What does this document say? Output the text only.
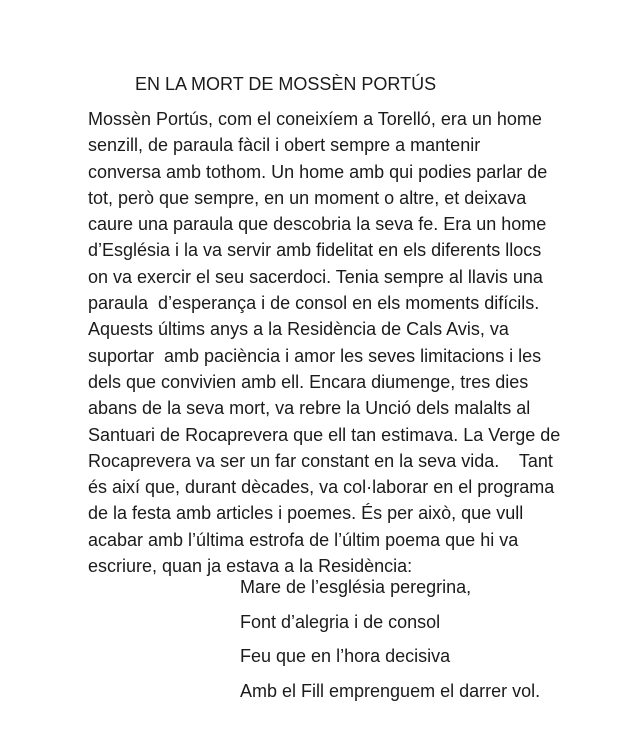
EN LA MORT DE MOSSÈN PORTÚS
Mossèn Portús, com el coneixíem a Torelló, era un home
senzill, de paraula fàcil i obert sempre a mantenir
conversa amb tothom. Un home amb qui podies parlar de
tot, però que sempre, en un moment o altre, et deixava
caure una paraula que descobria la seva fe. Era un home
d’Església i la va servir amb fidelitat en els diferents llocs
on va exercir el seu sacerdoci. Tenia sempre al llavis una
paraula  d’esperança i de consol en els moments difícils.
Aquests últims anys a la Residència de Cals Avis, va
suportar  amb paciència i amor les seves limitacions i les
dels que convivien amb ell. Encara diumenge, tres dies
abans de la seva mort, va rebre la Unció dels malalts al
Santuari de Rocaprevera que ell tan estimava. La Verge de
Rocaprevera va ser un far constant en la seva vida.    Tant
és així que, durant dècades, va col·laborar en el programa
de la festa amb articles i poemes. És per això, que vull
acabar amb l’última estrofa de l’últim poema que hi va
escriure, quan ja estava a la Residència:
Mare de l’església peregrina,
Font d’alegria i de consol
Feu que en l’hora decisiva
Amb el Fill emprenguem el darrer vol.
